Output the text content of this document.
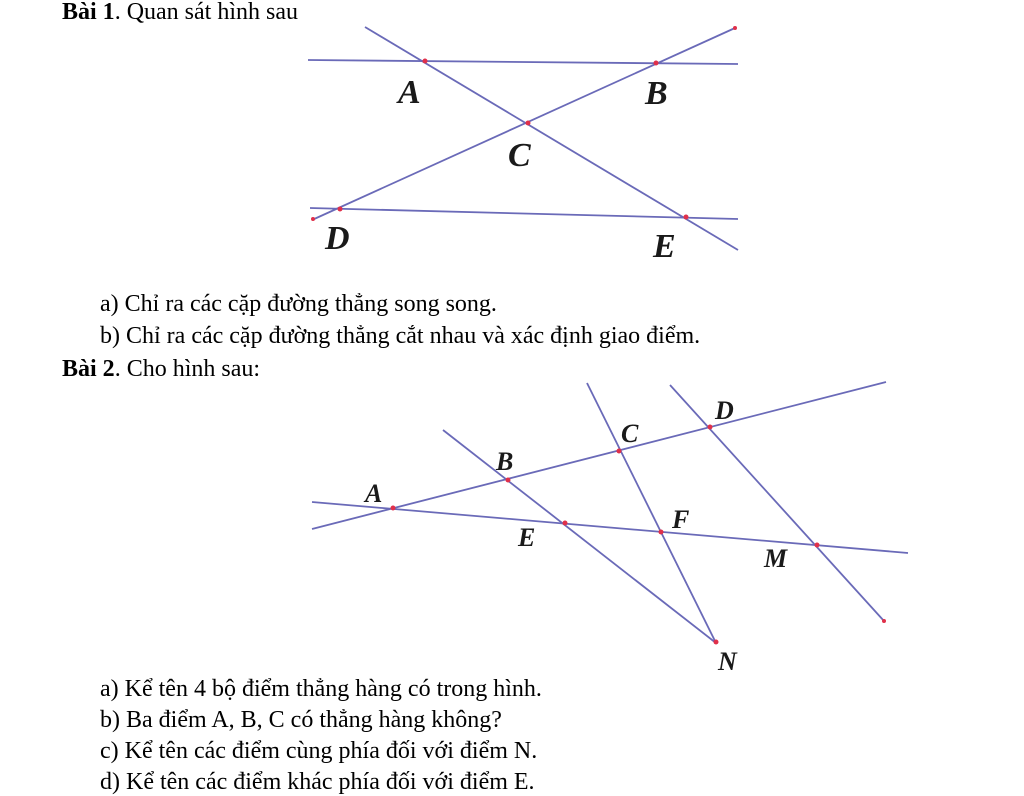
Bài 1. Quan sát hình sau
A	B
C
D	E
a) Chỉ ra các cặp đường thẳng song song.
b) Chỉ ra các cặp đường thẳng cắt nhau và xác định giao điểm.
Bài 2. Cho hình sau:
A
B
C
D
E
F
M
N
a) Kể tên 4 bộ điểm thẳng hàng có trong hình.
b) Ba điểm A, B, C có thẳng hàng không?
c) Kể tên các điểm cùng phía đối với điểm N.
d) Kể tên các điểm khác phía đối với điểm E.
